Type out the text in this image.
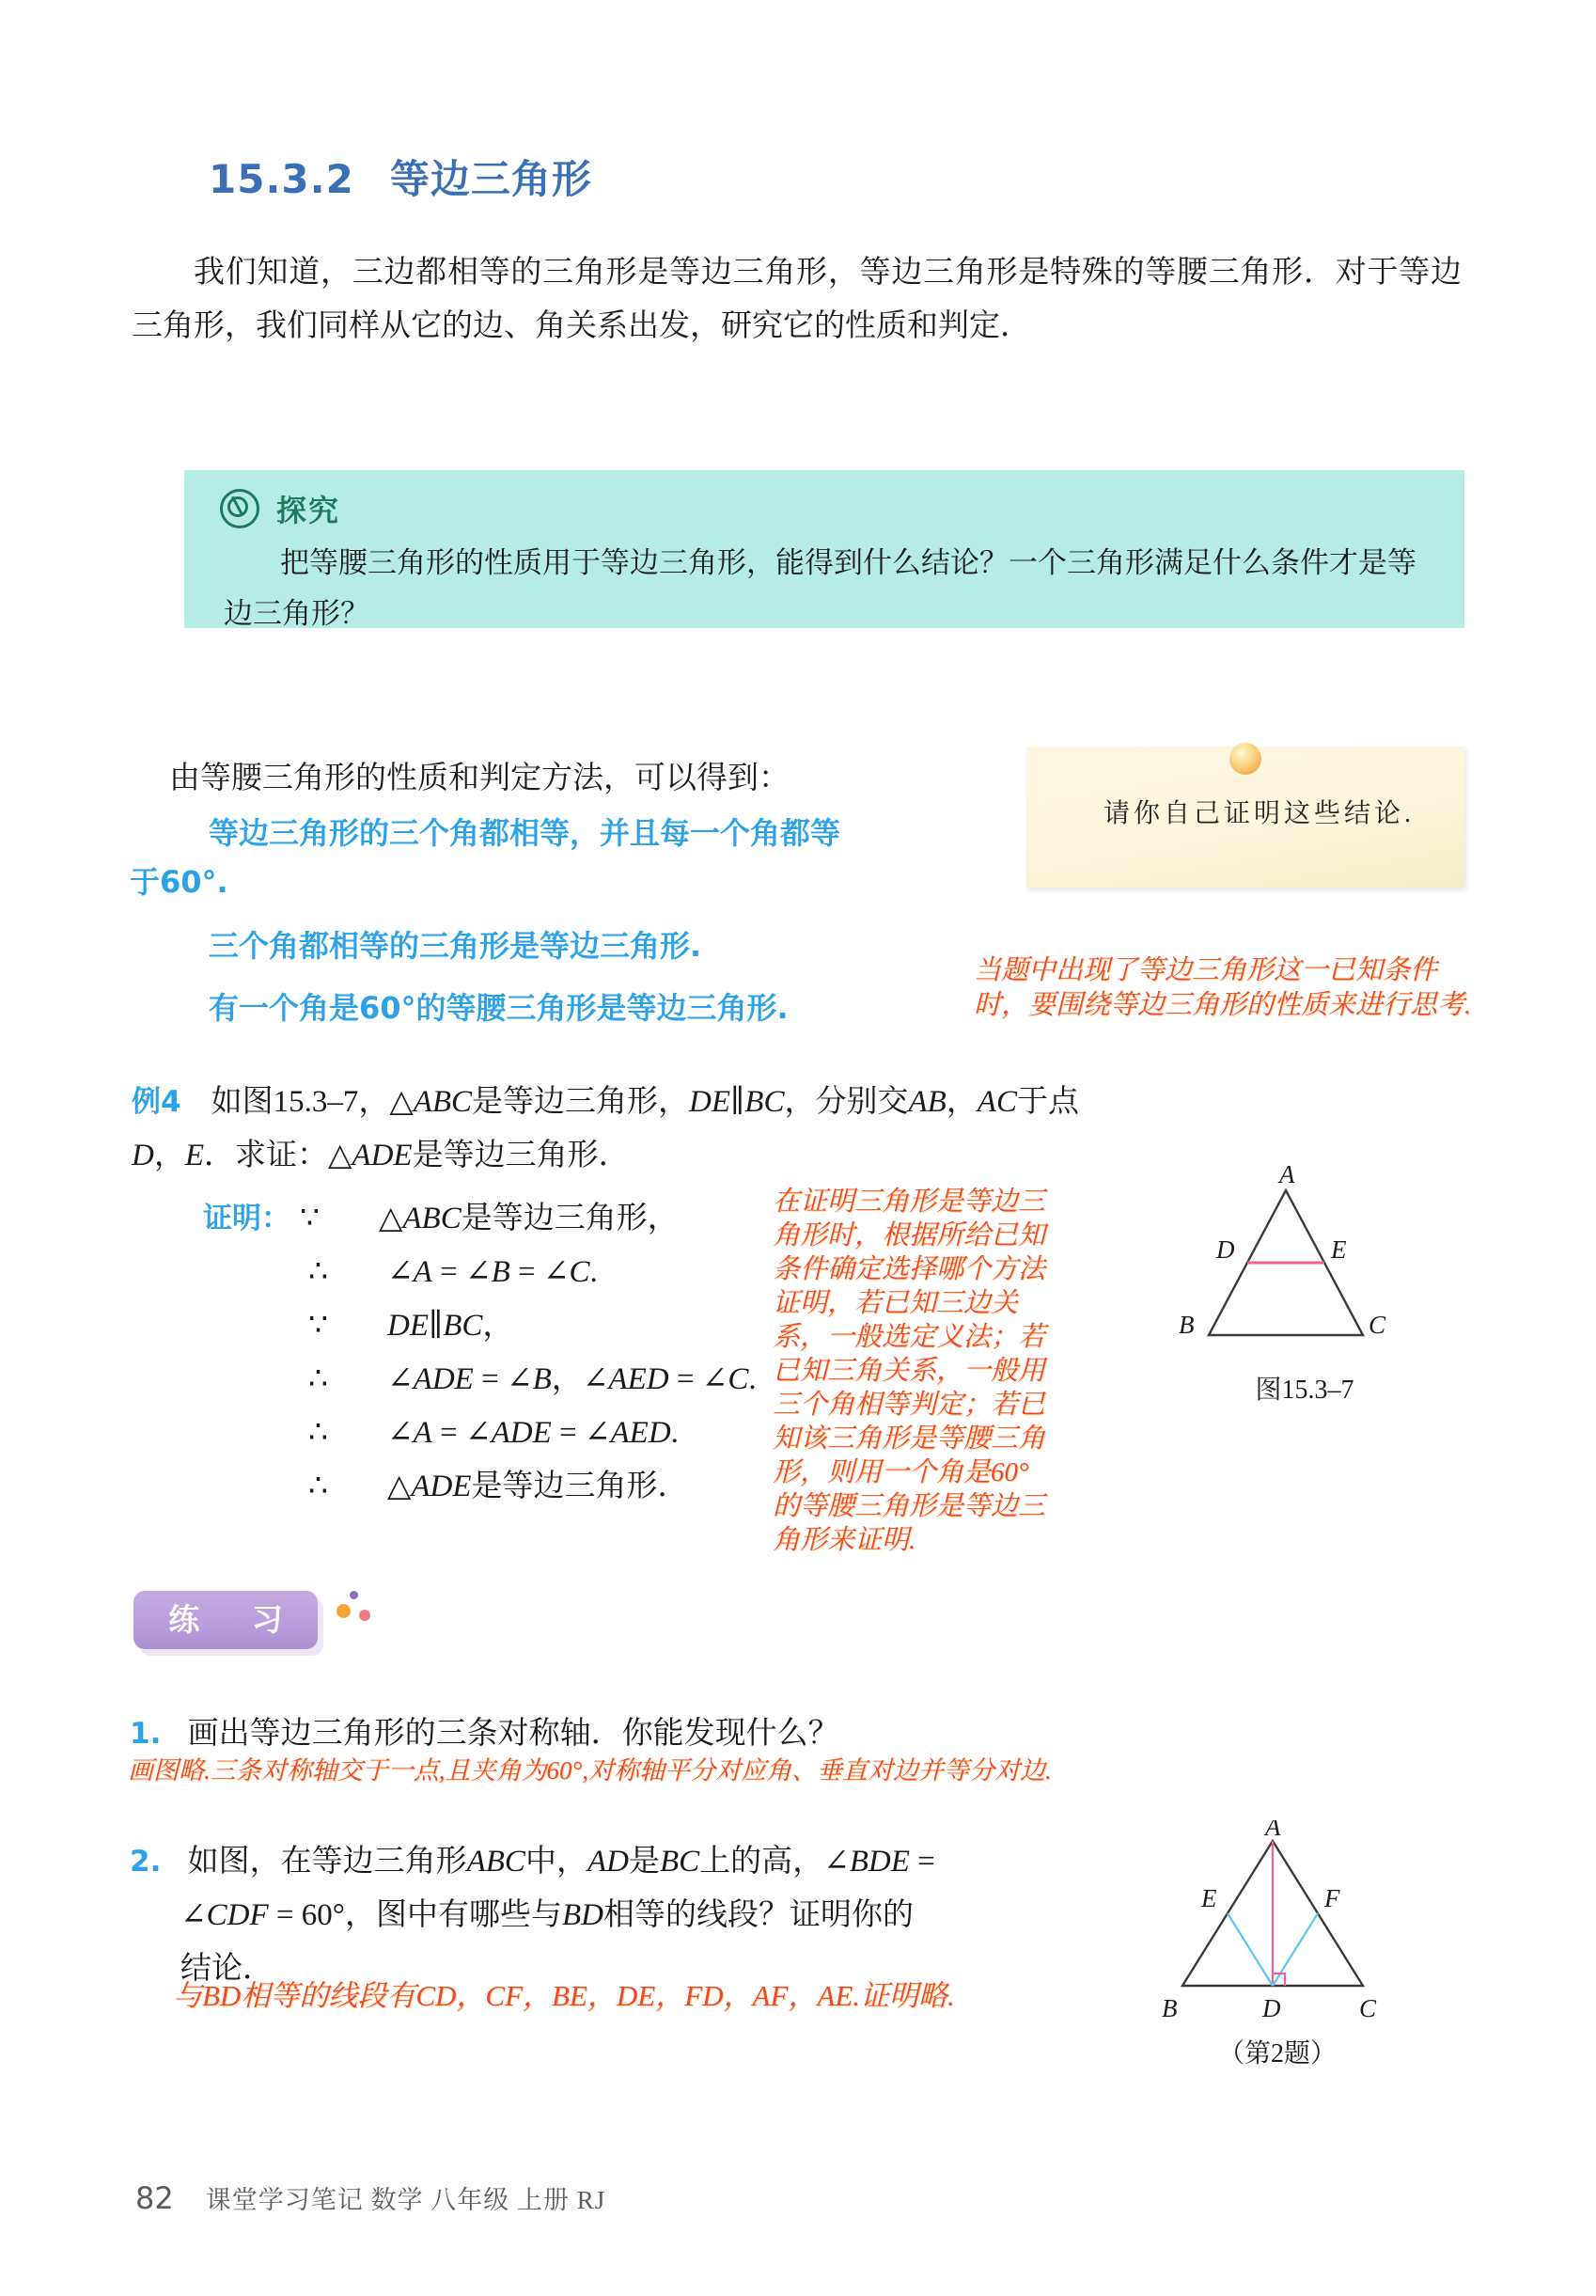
15.3.2 等边三角形
我们知道，三边都相等的三角形是等边三角形，等边三角形是特殊的等腰三角形．对于等边三角形，我们同样从它的边、角关系出发，研究它的性质和判定．
探究
把等腰三角形的性质用于等边三角形，能得到什么结论？一个三角形满足什么条件才是等边三角形？
由等腰三角形的性质和判定方法，可以得到：
等边三角形的三个角都相等，并且每一个角都等
于60°.
三个角都相等的三角形是等边三角形.
有一个角是60°的等腰三角形是等边三角形.
请你自己证明这些结论.
当题中出现了等边三角形这一已知条件时，要围绕等边三角形的性质来进行思考.
例4 如图15.3–7，△ABC是等边三角形，DE∥BC，分别交AB，AC于点
D，E．求证：△ADE是等边三角形．
证明： ∵	△ABC是等边三角形，
∴	∠A = ∠B = ∠C.
∵	DE∥BC，
∴	∠ADE = ∠B，∠AED = ∠C.
∴	∠A = ∠ADE = ∠AED.
∴	△ADE是等边三角形．
在证明三角形是等边三角形时，根据所给已知条件确定选择哪个方法证明，若已知三边关系，一般选定义法；若已知三角关系，一般用三个角相等判定；若已知该三角形是等腰三角形，则用一个角是60°的等腰三角形是等边三角形来证明.
A
D	E
B	C
图15.3–7
练 习
1. 画出等边三角形的三条对称轴．你能发现什么？
画图略.三条对称轴交于一点,且夹角为60°,对称轴平分对应角、垂直对边并等分对边.
2. 如图，在等边三角形ABC中，AD是BC上的高，∠BDE =
∠CDF = 60°，图中有哪些与BD相等的线段？证明你的
结论．
与BD相等的线段有CD，CF，BE，DE，FD，AF，AE.证明略.
A
E	F
B	D	C
（第2题）
82 课堂学习笔记 数学 八年级 上册 RJ
